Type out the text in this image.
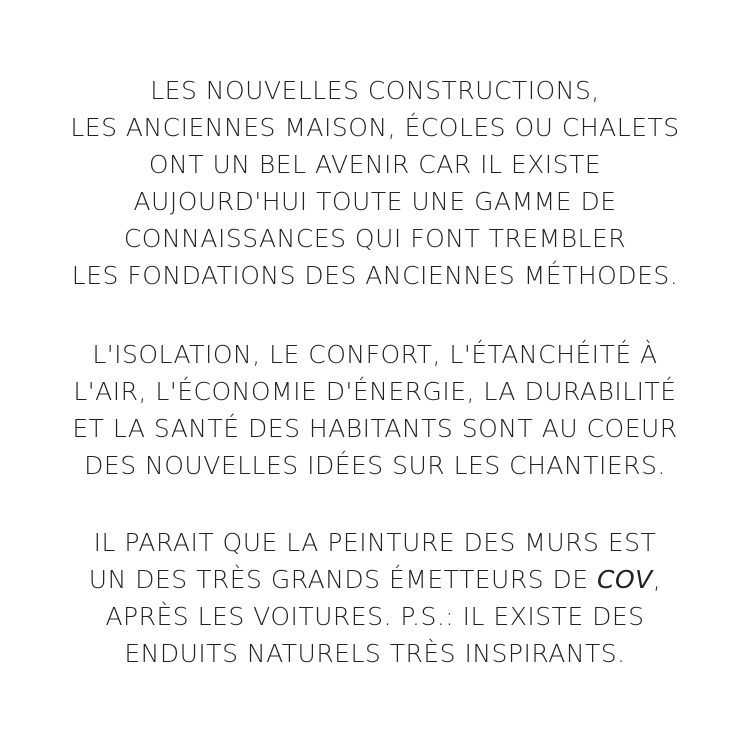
LES NOUVELLES CONSTRUCTIONS,
LES ANCIENNES MAISON, ÉCOLES OU CHALETS
ONT UN BEL AVENIR CAR IL EXISTE
AUJOURD'HUI TOUTE UNE GAMME DE
CONNAISSANCES QUI FONT TREMBLER
LES FONDATIONS DES ANCIENNES MÉTHODES.
L'ISOLATION, LE CONFORT, L'ÉTANCHÉITÉ À
L'AIR, L'ÉCONOMIE D'ÉNERGIE, LA DURABILITÉ
ET LA SANTÉ DES HABITANTS SONT AU COEUR
DES NOUVELLES IDÉES SUR LES CHANTIERS.
IL PARAIT QUE LA PEINTURE DES MURS EST
UN DES TRÈS GRANDS ÉMETTEURS DE COV,
APRÈS LES VOITURES. P.S.: IL EXISTE DES
ENDUITS NATURELS TRÈS INSPIRANTS.
